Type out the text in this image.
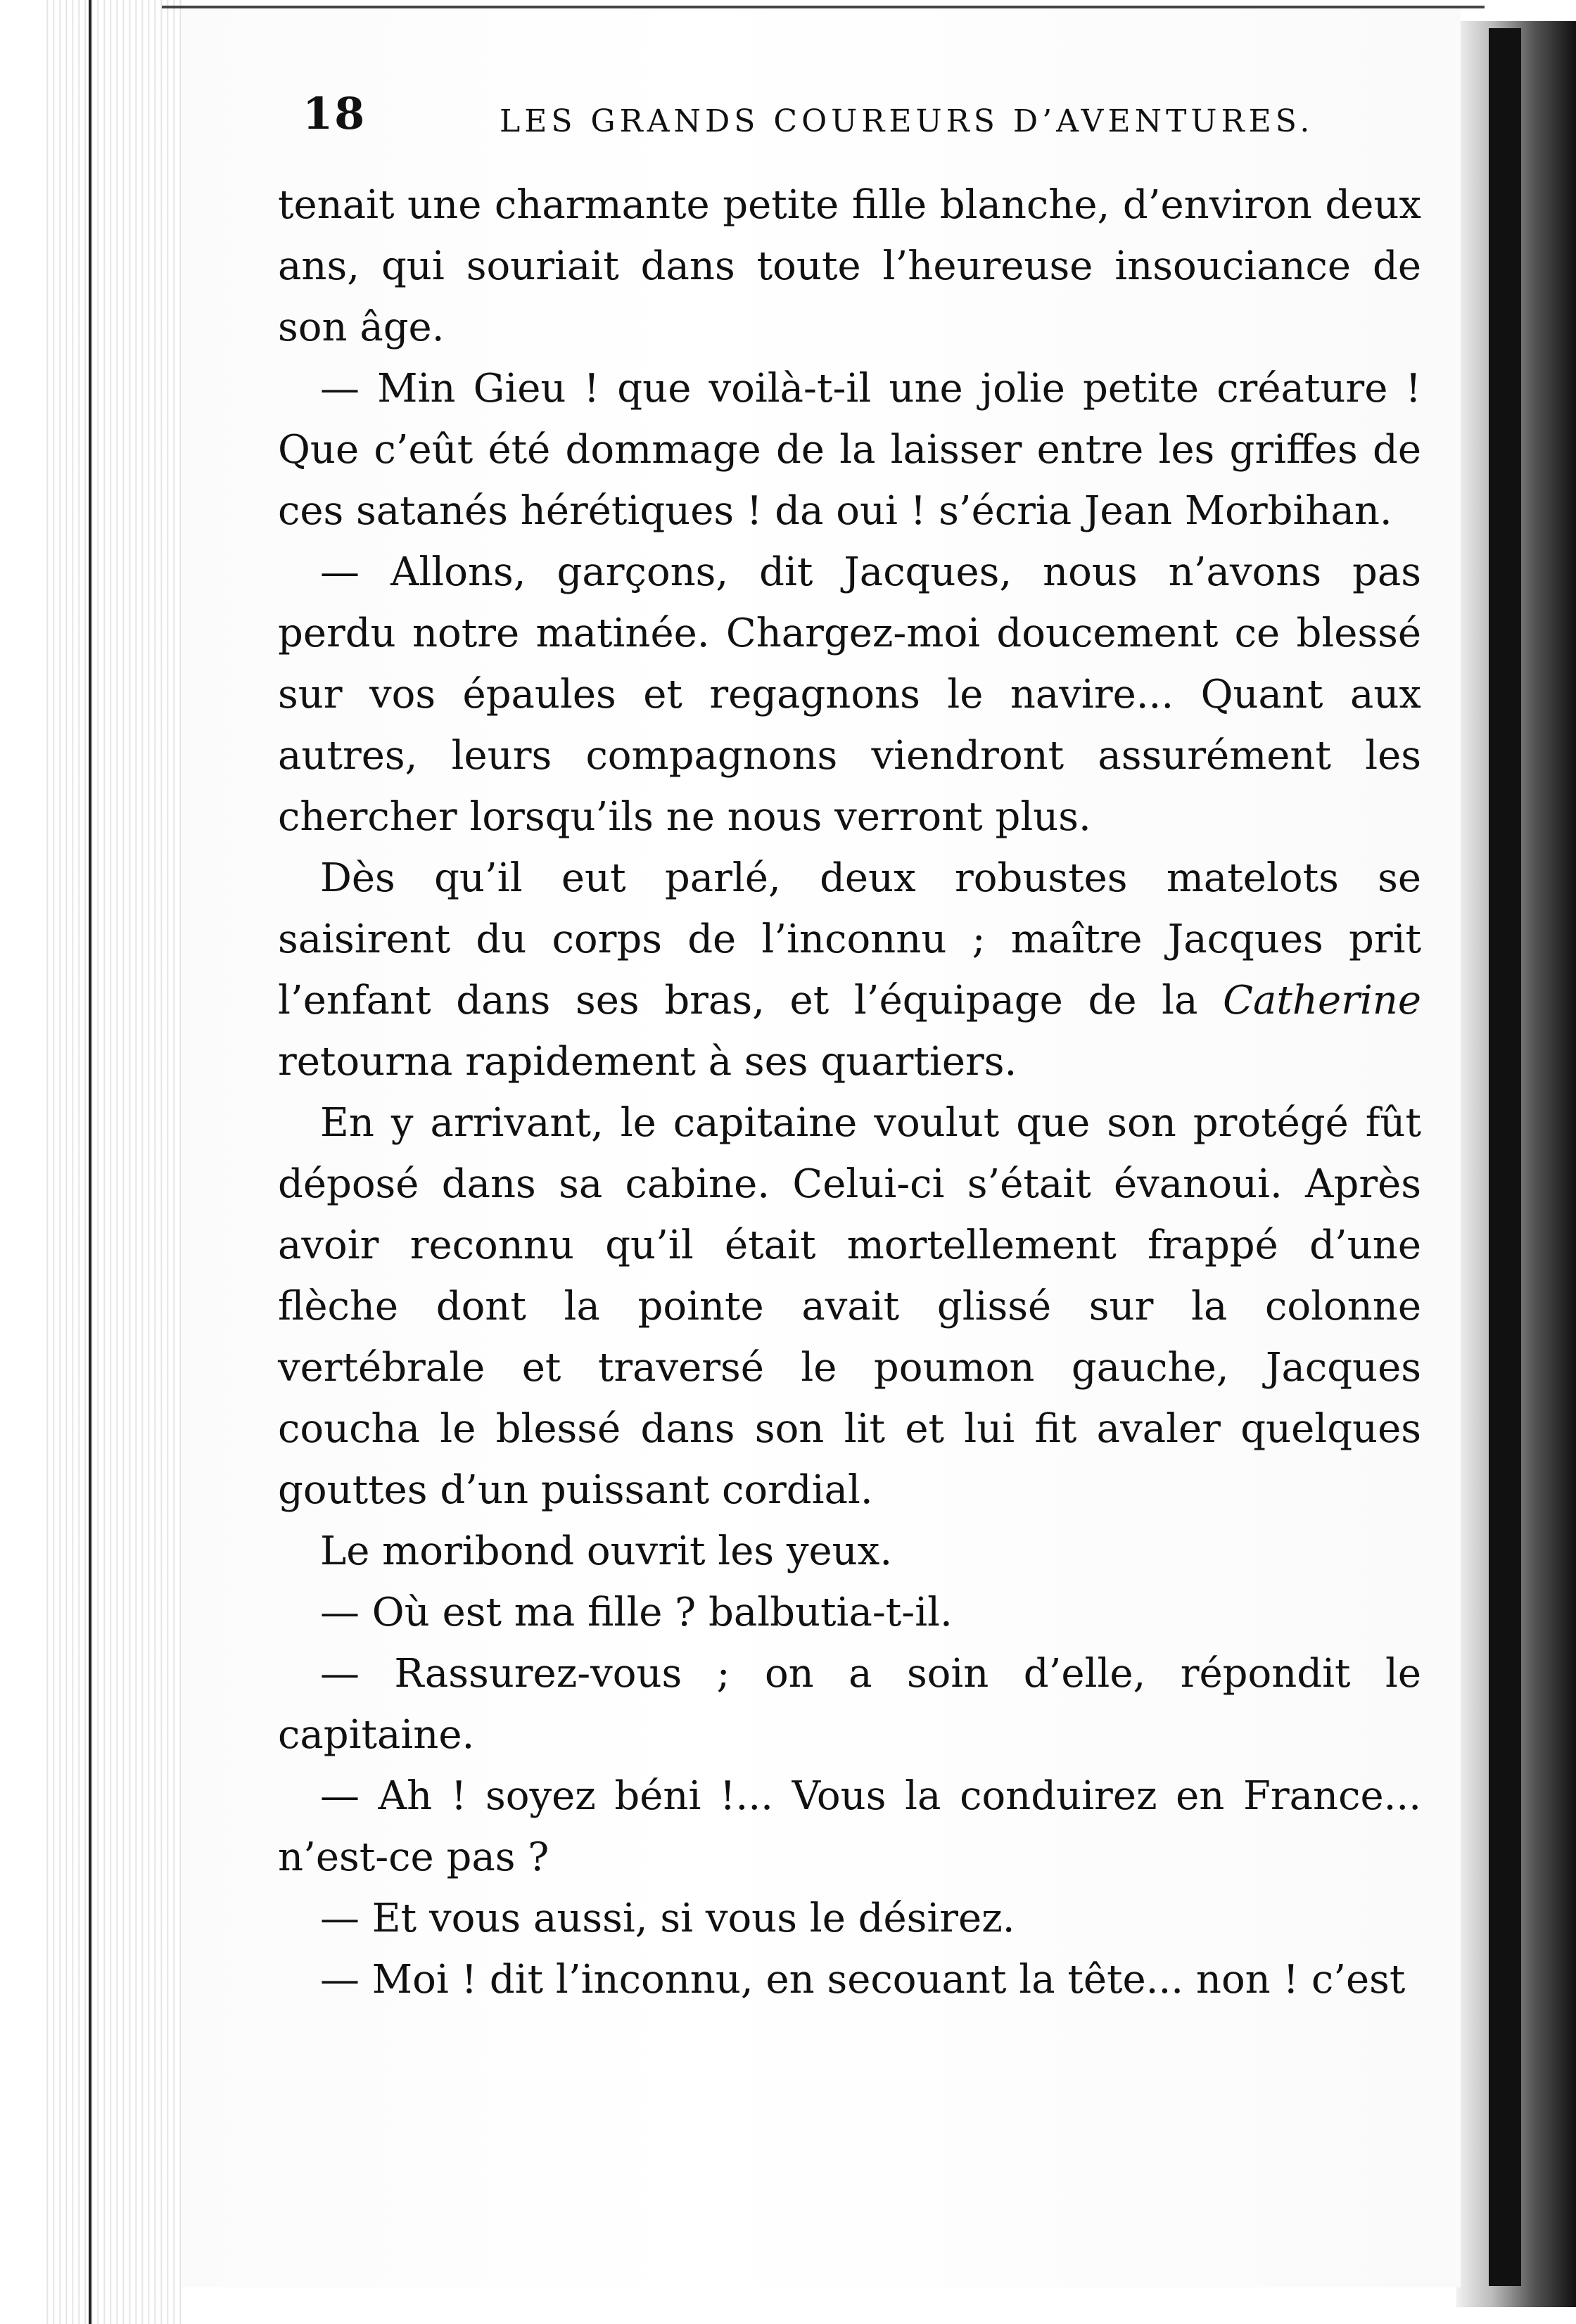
18	LES GRANDS COUREURS D’AVENTURES.

tenait une charmante petite fille blanche, d’environ deux ans, qui souriait dans toute l’heureuse insouciance de son âge.

— Min Gieu ! que voilà-t-il une jolie petite créature ! Que c’eût été dommage de la laisser entre les griffes de ces satanés hérétiques ! da oui ! s’écria Jean Morbihan.

— Allons, garçons, dit Jacques, nous n’avons pas perdu notre matinée. Chargez-moi doucement ce blessé sur vos épaules et regagnons le navire... Quant aux autres, leurs compagnons viendront assurément les chercher lorsqu’ils ne nous verront plus.

Dès qu’il eut parlé, deux robustes matelots se saisirent du corps de l’inconnu ; maître Jacques prit l’enfant dans ses bras, et l’équipage de la Catherine retourna rapidement à ses quartiers.

En y arrivant, le capitaine voulut que son protégé fût déposé dans sa cabine. Celui-ci s’était évanoui. Après avoir reconnu qu’il était mortellement frappé d’une flèche dont la pointe avait glissé sur la colonne vertébrale et traversé le poumon gauche, Jacques coucha le blessé dans son lit et lui fit avaler quelques gouttes d’un puissant cordial.

Le moribond ouvrit les yeux.

— Où est ma fille ? balbutia-t-il.

— Rassurez-vous ; on a soin d’elle, répondit le capitaine.

— Ah ! soyez béni !... Vous la conduirez en France... n’est-ce pas ?

— Et vous aussi, si vous le désirez.

— Moi ! dit l’inconnu, en secouant la tête... non ! c’est
